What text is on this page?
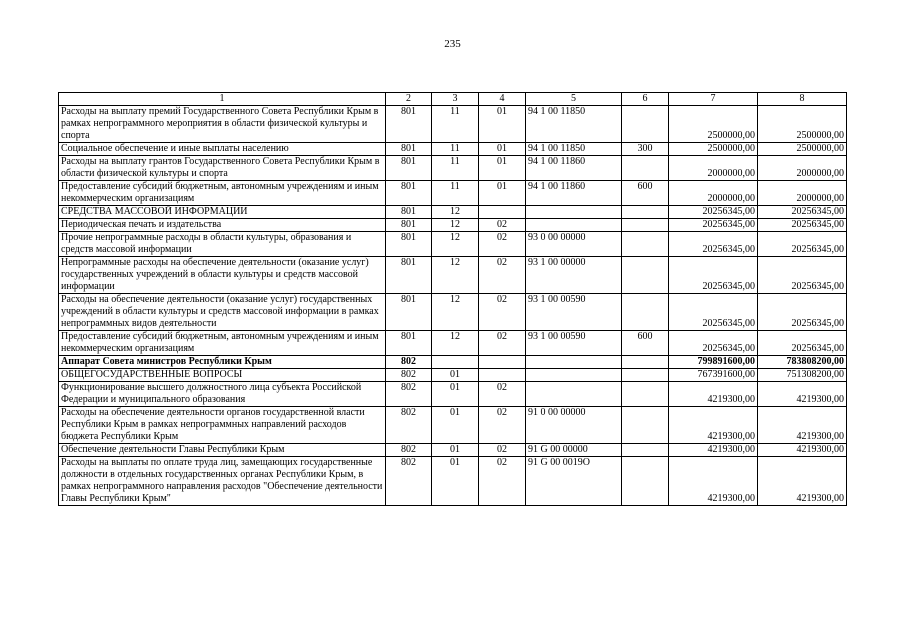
235
1	2	3	4	5	6	7	8
Расходы на выплату премий Государственного Совета Республики Крым в рамках непрограммного мероприятия в области физической культуры и спорта	801	11	01	94 1 00 11850		2500000,00	2500000,00
Социальное обеспечение и иные выплаты населению	801	11	01	94 1 00 11850	300	2500000,00	2500000,00
Расходы на выплату грантов Государственного Совета Республики Крым в области физической культуры и спорта	801	11	01	94 1 00 11860		2000000,00	2000000,00
Предоставление субсидий бюджетным, автономным учреждениям и иным некоммерческим организациям	801	11	01	94 1 00 11860	600	2000000,00	2000000,00
СРЕДСТВА МАССОВОЙ ИНФОРМАЦИИ	801	12				20256345,00	20256345,00
Периодическая печать и издательства	801	12	02			20256345,00	20256345,00
Прочие непрограммные расходы в области культуры, образования и средств массовой информации	801	12	02	93 0 00 00000		20256345,00	20256345,00
Непрограммные расходы на обеспечение деятельности (оказание услуг) государственных учреждений в области культуры и средств массовой информации	801	12	02	93 1 00 00000		20256345,00	20256345,00
Расходы на обеспечение деятельности (оказание услуг) государственных учреждений в области культуры и средств массовой информации в рамках непрограммных видов деятельности	801	12	02	93 1 00 00590		20256345,00	20256345,00
Предоставление субсидий бюджетным, автономным учреждениям и иным некоммерческим организациям	801	12	02	93 1 00 00590	600	20256345,00	20256345,00
Аппарат Совета министров Республики Крым	802					799891600,00	783808200,00
ОБЩЕГОСУДАРСТВЕННЫЕ ВОПРОСЫ	802	01				767391600,00	751308200,00
Функционирование высшего должностного лица субъекта Российской Федерации и муниципального образования	802	01	02			4219300,00	4219300,00
Расходы на обеспечение деятельности органов государственной власти Республики Крым в рамках непрограммных направлений расходов бюджета Республики Крым	802	01	02	91 0 00 00000		4219300,00	4219300,00
Обеспечение деятельности Главы Республики Крым	802	01	02	91 G 00 00000		4219300,00	4219300,00
Расходы на выплаты по оплате труда лиц, замещающих государственные должности в отдельных государственных органах Республики Крым, в рамках непрограммного направления расходов "Обеспечение деятельности Главы Республики Крым"	802	01	02	91 G 00 0019O		4219300,00	4219300,00
